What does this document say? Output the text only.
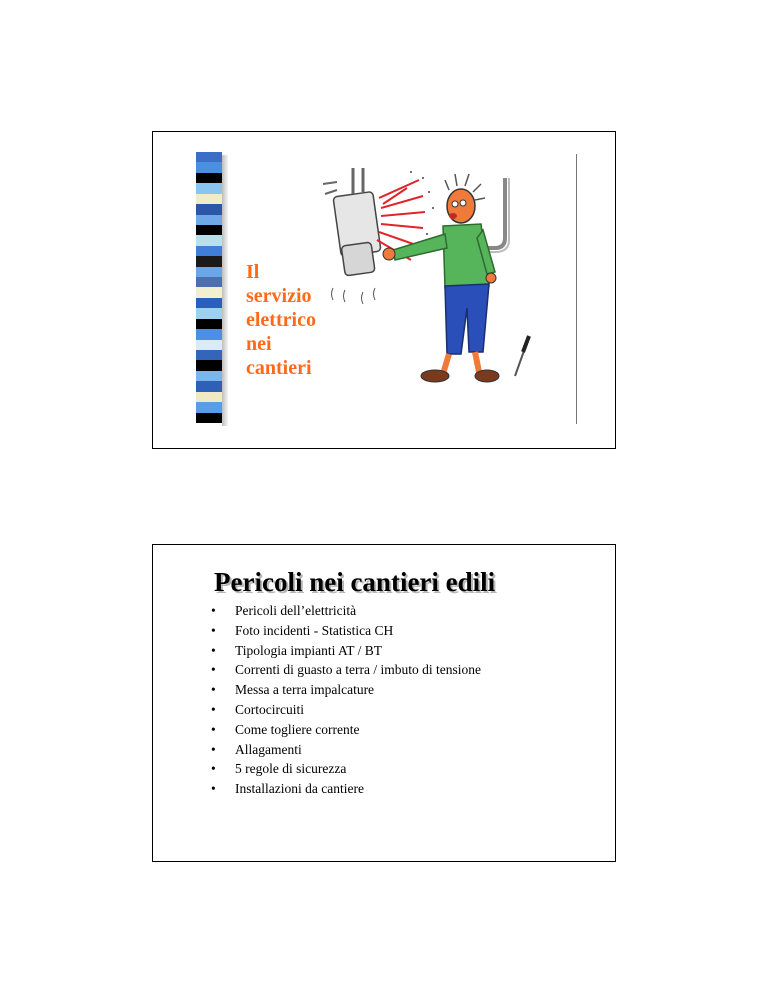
Il
servizio
elettrico
nei
cantieri
Pericoli nei cantieri edili
• Pericoli dell’elettricità
• Foto incidenti - Statistica CH
• Tipologia impianti AT / BT
• Correnti di guasto a terra / imbuto di tensione
• Messa a terra impalcature
• Cortocircuiti
• Come togliere corrente
• Allagamenti
• 5 regole di sicurezza
• Installazioni da cantiere
